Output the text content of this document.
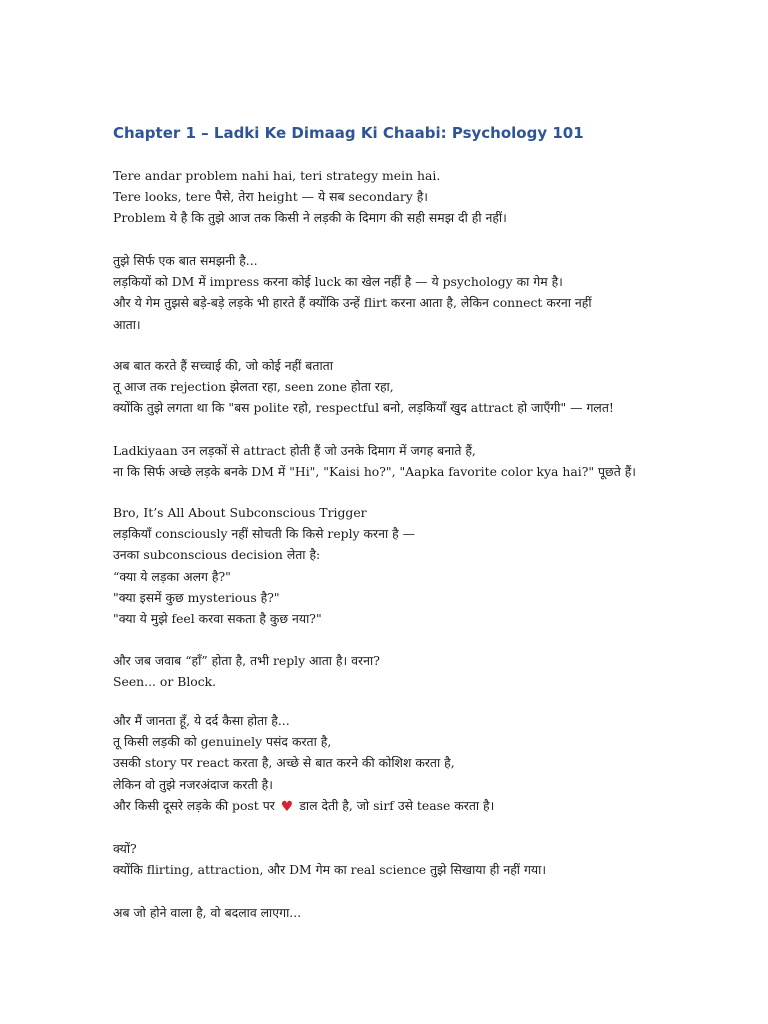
Chapter 1 – Ladki Ke Dimaag Ki Chaabi: Psychology 101
Tere andar problem nahi hai, teri strategy mein hai.
Tere looks, tere पैसे, तेरा height — ये सब secondary है।
Problem ये है कि तुझे आज तक किसी ने लड़की के दिमाग की सही समझ दी ही नहीं।
तुझे सिर्फ एक बात समझनी है...
लड़कियों को DM में impress करना कोई luck का खेल नहीं है — ये psychology का गेम है।
और ये गेम तुझसे बड़े-बड़े लड़के भी हारते हैं क्योंकि उन्हें flirt करना आता है, लेकिन connect करना नहीं
आता।
अब बात करते हैं सच्चाई की, जो कोई नहीं बताता
तू आज तक rejection झेलता रहा, seen zone होता रहा,
क्योंकि तुझे लगता था कि "बस polite रहो, respectful बनो, लड़कियाँ खुद attract हो जाएँगी" — गलत!
Ladkiyaan उन लड़कों से attract होती हैं जो उनके दिमाग में जगह बनाते हैं,
ना कि सिर्फ अच्छे लड़के बनके DM में "Hi", "Kaisi ho?", "Aapka favorite color kya hai?" पूछते हैं।
Bro, It’s All About Subconscious Trigger
लड़कियाँ consciously नहीं सोचती कि किसे reply करना है —
उनका subconscious decision लेता है:
“क्या ये लड़का अलग है?"
"क्या इसमें कुछ mysterious है?"
"क्या ये मुझे feel करवा सकता है कुछ नया?"
और जब जवाब “हाँ” होता है, तभी reply आता है। वरना?
Seen... or Block.
और मैं जानता हूँ, ये दर्द कैसा होता है...
तू किसी लड़की को genuinely पसंद करता है,
उसकी story पर react करता है, अच्छे से बात करने की कोशिश करता है,
लेकिन वो तुझे नजरअंदाज करती है।
और किसी दूसरे लड़के की post पर ♥ डाल देती है, जो sirf उसे tease करता है।
क्यों?
क्योंकि flirting, attraction, और DM गेम का real science तुझे सिखाया ही नहीं गया।
अब जो होने वाला है, वो बदलाव लाएगा...
